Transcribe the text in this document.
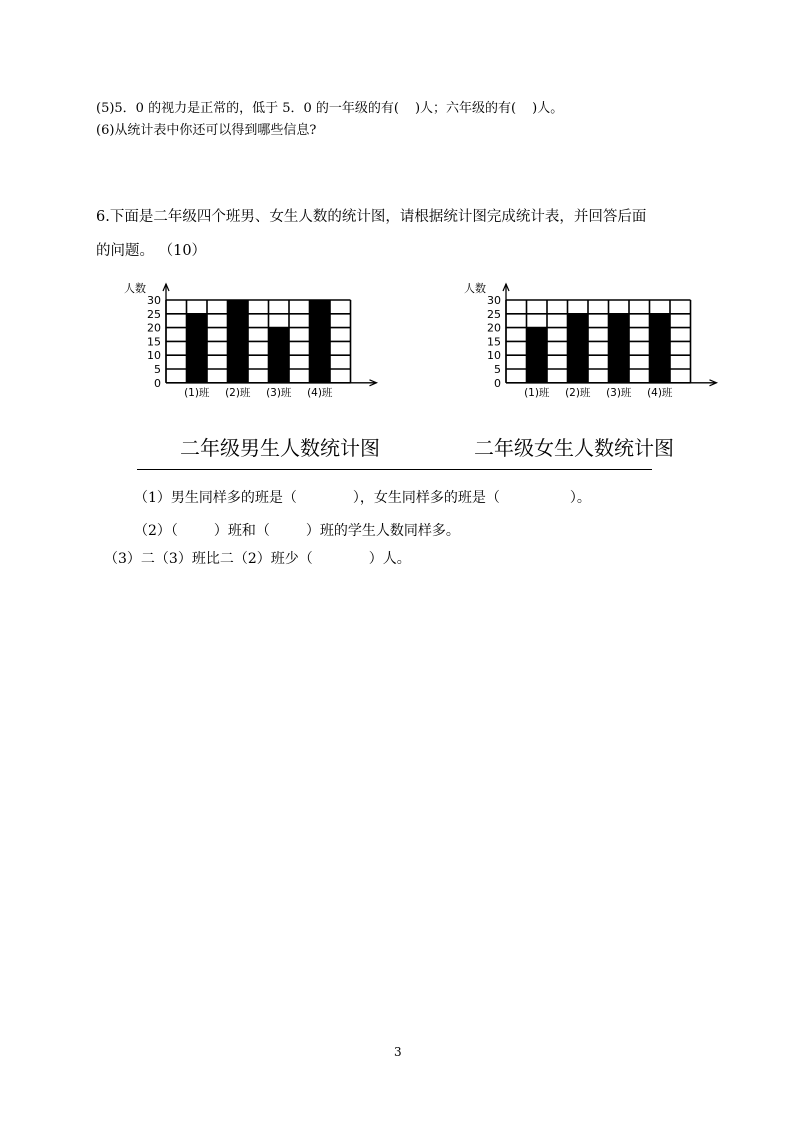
(5)5．0 的视力是正常的，低于 5．0 的一年级的有( )人；六年级的有( )人。
(6)从统计表中你还可以得到哪些信息?
6.下面是二年级四个班男、女生人数的统计图，请根据统计图完成统计表，并回答后面
的问题。 （10）
人数
0
5
10
15
20
25
30
(1)班 (2)班 (3)班 (4)班
二年级男生人数统计图
人数
0
5
10
15
20
25
30
(1)班 (2)班 (3)班 (4)班
二年级女生人数统计图
（1）男生同样多的班是（	），女生同样多的班是（	）。
（2）（	）班和（	）班的学生人数同样多。
（3）二（3）班比二（2）班少（	）人。
3
